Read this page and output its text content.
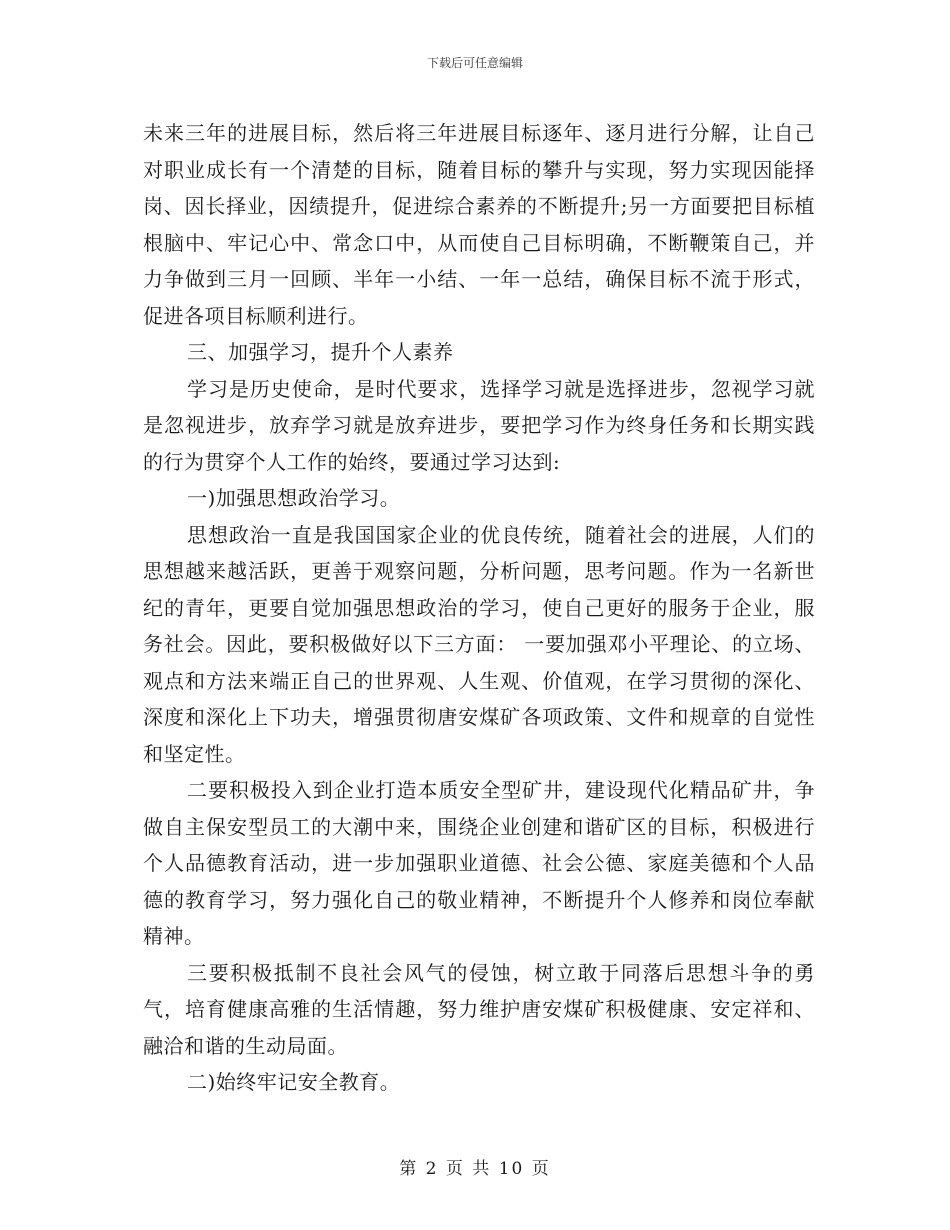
下载后可任意编辑

未来三年的进展目标，然后将三年进展目标逐年、逐月进行分解，让自己对职业成长有一个清楚的目标，随着目标的攀升与实现，努力实现因能择岗、因长择业，因绩提升，促进综合素养的不断提升;另一方面要把目标植根脑中、牢记心中、常念口中，从而使自己目标明确，不断鞭策自己，并力争做到三月一回顾、半年一小结、一年一总结，确保目标不流于形式，促进各项目标顺利进行。

三、加强学习，提升个人素养

学习是历史使命，是时代要求，选择学习就是选择进步，忽视学习就是忽视进步，放弃学习就是放弃进步，要把学习作为终身任务和长期实践的行为贯穿个人工作的始终，要通过学习达到:

一)加强思想政治学习。

思想政治一直是我国国家企业的优良传统，随着社会的进展，人们的思想越来越活跃，更善于观察问题，分析问题，思考问题。作为一名新世纪的青年，更要自觉加强思想政治的学习，使自己更好的服务于企业，服务社会。因此，要积极做好以下三方面： 一要加强邓小平理论、的立场、观点和方法来端正自己的世界观、人生观、价值观，在学习贯彻的深化、深度和深化上下功夫，增强贯彻唐安煤矿各项政策、文件和规章的自觉性和坚定性。

二要积极投入到企业打造本质安全型矿井，建设现代化精品矿井，争做自主保安型员工的大潮中来，围绕企业创建和谐矿区的目标，积极进行个人品德教育活动，进一步加强职业道德、社会公德、家庭美德和个人品德的教育学习，努力强化自己的敬业精神，不断提升个人修养和岗位奉献精神。

三要积极抵制不良社会风气的侵蚀，树立敢于同落后思想斗争的勇气，培育健康高雅的生活情趣，努力维护唐安煤矿积极健康、安定祥和、融洽和谐的生动局面。

二)始终牢记安全教育。

第 2 页 共 10 页
